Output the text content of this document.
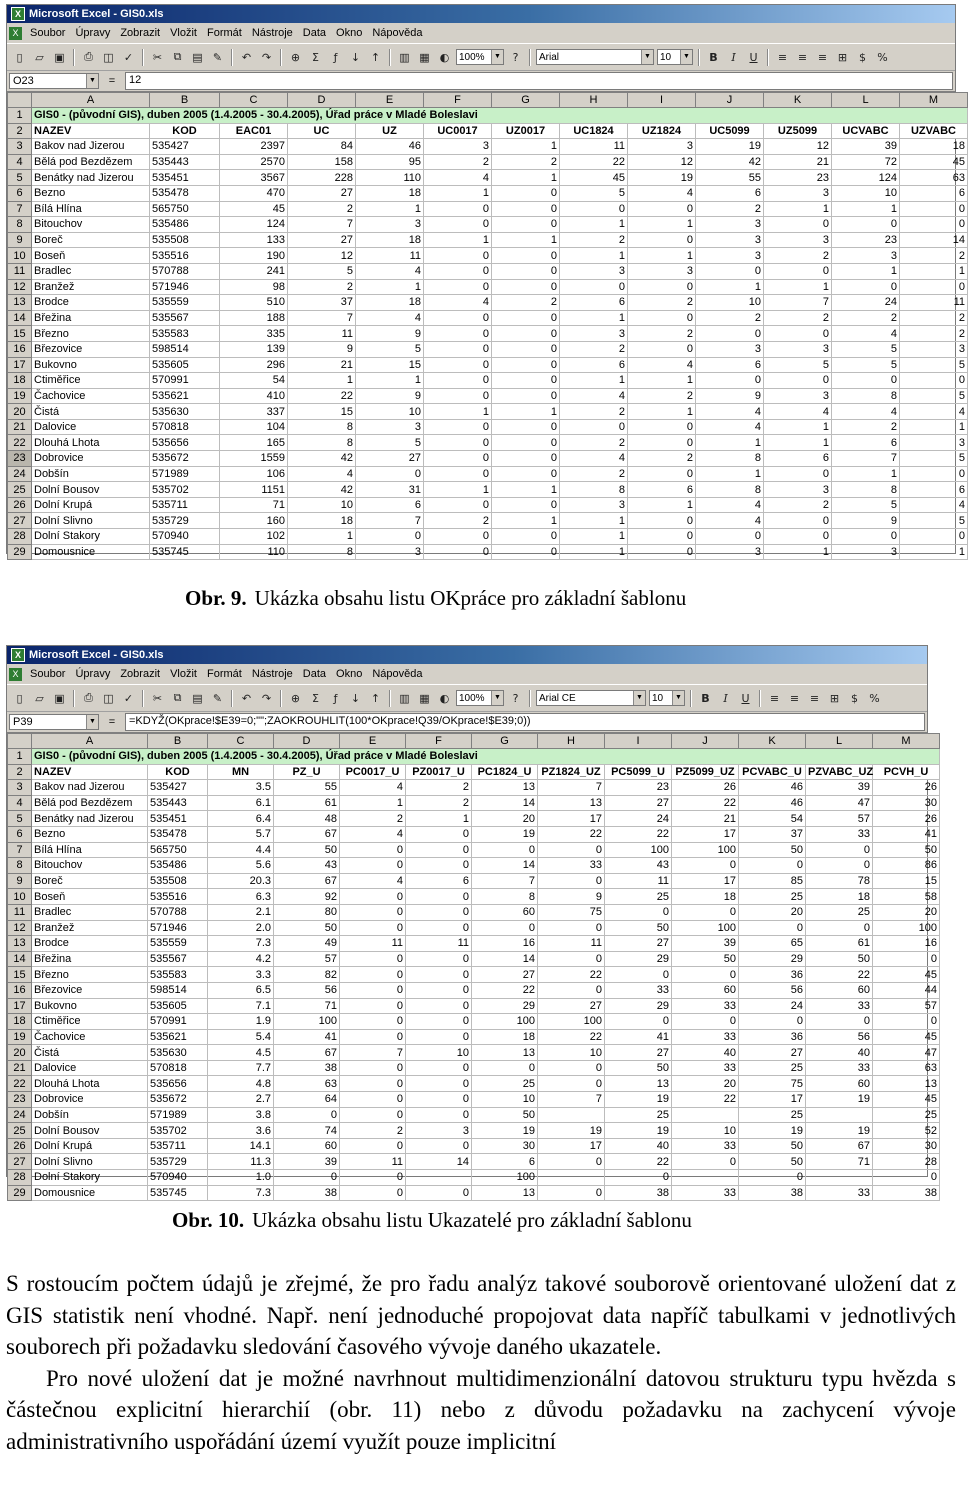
X Microsoft Excel - GIS0.xls
X	Soubor Úpravy Zobrazit Vložit Formát Nástroje Data Okno Nápověda
▯	▱ ▣	⎙ ◫ ✓	✂	⧉ ▤ ✎	↶ ↷	⊕	Σ	ƒ	↓ ↑	▥ ▦ ◐ 100%	▼	?	Arial	▼ 10	▼	B	I	U	≡ ≡ ≡ ⊞	$	%
O23	▼	=	12
	A	B	C	D	E	F	G	H	I	J	K	L	M
1	GIS0 - (původní GIS), duben 2005 (1.4.2005 - 30.4.2005), Úřad práce v Mladé Boleslavi												
2	NAZEV	KOD	EAC01	UC	UZ	UC0017	UZ0017	UC1824	UZ1824	UC5099	UZ5099	UCVABC	UZVABC
3	Bakov nad Jizerou	535427	2397	84	46	3	1	11	3	19	12	39	18
4	Bělá pod Bezdězem	535443	2570	158	95	2	2	22	12	42	21	72	45
5	Benátky nad Jizerou	535451	3567	228	110	4	1	45	19	55	23	124	63
6	Bezno	535478	470	27	18	1	0	5	4	6	3	10	6
7	Bílá Hlína	565750	45	2	1	0	0	0	0	2	1	1	0
8	Bitouchov	535486	124	7	3	0	0	1	1	3	0	0	0
9	Boreč	535508	133	27	18	1	1	2	0	3	3	23	14
10	Boseň	535516	190	12	11	0	0	1	1	3	2	3	2
11	Bradlec	570788	241	5	4	0	0	3	3	0	0	1	1
12	Branžež	571946	98	2	1	0	0	0	0	1	1	0	0
13	Brodce	535559	510	37	18	4	2	6	2	10	7	24	11
14	Břežina	535567	188	7	4	0	0	1	0	2	2	2	2
15	Březno	535583	335	11	9	0	0	3	2	0	0	4	2
16	Březovice	598514	139	9	5	0	0	2	0	3	3	5	3
17	Bukovno	535605	296	21	15	0	0	6	4	6	5	5	5
18	Ctiměřice	570991	54	1	1	0	0	1	1	0	0	0	0
19	Čachovice	535621	410	22	9	0	0	4	2	9	3	8	5
20	Čistá	535630	337	15	10	1	1	2	1	4	4	4	4
21	Dalovice	570818	104	8	3	0	0	0	0	4	1	2	1
22	Dlouhá Lhota	535656	165	8	5	0	0	2	0	1	1	6	3
23	Dobrovice	535672	1559	42	27	0	0	4	2	8	6	7	5
24	Dobšín	571989	106	4	0	0	0	2	0	1	0	1	0
25	Dolní Bousov	535702	1151	42	31	1	1	8	6	8	3	8	6
26	Dolní Krupá	535711	71	10	6	0	0	3	1	4	2	5	4
27	Dolní Slivno	535729	160	18	7	2	1	1	0	4	0	9	5
28	Dolní Stakory	570940	102	1	0	0	0	1	0	0	0	0	0
29	Domousnice	535745	110	8	3	0	0	1	0	3	1	3	1
Obr. 9. Ukázka obsahu listu OKpráce pro základní šablonu
X Microsoft Excel - GIS0.xls
X	Soubor Úpravy Zobrazit Vložit Formát Nástroje Data Okno Nápověda
▯	▱ ▣	⎙ ◫ ✓	✂	⧉ ▤ ✎	↶ ↷	⊕	Σ	ƒ	↓ ↑	▥ ▦ ◐ 100%	▼	?	Arial CE	▼ 10	▼	B	I	U	≡ ≡ ≡ ⊞	$	%
P39	▼	=	=KDYŽ(OKprace!$E39=0;"";ZAOKROUHLIT(100*OKprace!Q39/OKprace!$E39;0))
	A	B	C	D	E	F	G	H	I	J	K	L	M
1	GIS0 - (původní GIS), duben 2005 (1.4.2005 - 30.4.2005), Úřad práce v Mladé Boleslavi												
2	NAZEV	KOD	MN	PZ_U	PC0017_U	PZ0017_U	PC1824_U	PZ1824_UZ	PC5099_U	PZ5099_UZ	PCVABC_U	PZVABC_UZ	PCVH_U
3	Bakov nad Jizerou	535427	3.5	55	4	2	13	7	23	26	46	39	26
4	Bělá pod Bezdězem	535443	6.1	61	1	2	14	13	27	22	46	47	30
5	Benátky nad Jizerou	535451	6.4	48	2	1	20	17	24	21	54	57	26
6	Bezno	535478	5.7	67	4	0	19	22	22	17	37	33	41
7	Bílá Hlína	565750	4.4	50	0	0	0	0	100	100	50	0	50
8	Bitouchov	535486	5.6	43	0	0	14	33	43	0	0	0	86
9	Boreč	535508	20.3	67	4	6	7	0	11	17	85	78	15
10	Boseň	535516	6.3	92	0	0	8	9	25	18	25	18	58
11	Bradlec	570788	2.1	80	0	0	60	75	0	0	20	25	20
12	Branžež	571946	2.0	50	0	0	0	0	50	100	0	0	100
13	Brodce	535559	7.3	49	11	11	16	11	27	39	65	61	16
14	Břežina	535567	4.2	57	0	0	14	0	29	50	29	50	0
15	Březno	535583	3.3	82	0	0	27	22	0	0	36	22	45
16	Březovice	598514	6.5	56	0	0	22	0	33	60	56	60	44
17	Bukovno	535605	7.1	71	0	0	29	27	29	33	24	33	57
18	Ctiměřice	570991	1.9	100	0	0	100	100	0	0	0	0	0
19	Čachovice	535621	5.4	41	0	0	18	22	41	33	36	56	45
20	Čistá	535630	4.5	67	7	10	13	10	27	40	27	40	47
21	Dalovice	570818	7.7	38	0	0	0	0	50	33	25	33	63
22	Dlouhá Lhota	535656	4.8	63	0	0	25	0	13	20	75	60	13
23	Dobrovice	535672	2.7	64	0	0	10	7	19	22	17	19	45
24	Dobšín	571989	3.8	0	0	0	50		25		25		25
25	Dolní Bousov	535702	3.6	74	2	3	19	19	19	10	19	19	52
26	Dolní Krupá	535711	14.1	60	0	0	30	17	40	33	50	67	30
27	Dolní Slivno	535729	11.3	39	11	14	6	0	22	0	50	71	28
28	Dolní Stakory	570940	1.0	0	0		100		0		0		0
29	Domousnice	535745	7.3	38	0	0	13	0	38	33	38	33	38
Obr. 10. Ukázka obsahu listu Ukazatelé pro základní šablonu

S rostoucím počtem údajů je zřejmé, že pro řadu analýz takové souborově orientované uložení dat z GIS statistik není vhodné. Např. není jednoduché propojovat data napříč tabulkami v jednotlivých souborech při požadavku sledování časového vývoje daného ukazatele.

Pro nové uložení dat je možné navrhnout multidimenzionální datovou strukturu typu hvězda s částečnou explicitní hierarchií (obr. 11) nebo z důvodu požadavku na zachycení vývoje administrativního uspořádání území využít pouze implicitní
